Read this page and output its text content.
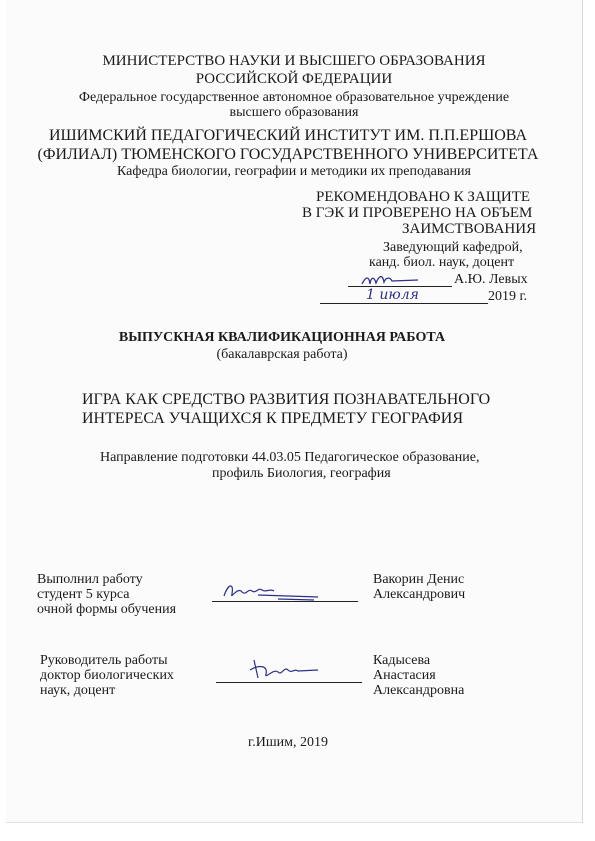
МИНИСТЕРСТВО НАУКИ И ВЫСШЕГО ОБРАЗОВАНИЯ
РОССИЙСКОЙ ФЕДЕРАЦИИ
Федеральное государственное автономное образовательное учреждение
высшего образования
ИШИМСКИЙ ПЕДАГОГИЧЕСКИЙ ИНСТИТУТ ИМ. П.П.ЕРШОВА
(ФИЛИАЛ) ТЮМЕНСКОГО ГОСУДАРСТВЕННОГО УНИВЕРСИТЕТА
Кафедра биологии, географии и методики их преподавания
РЕКОМЕНДОВАНО К ЗАЩИТЕ
В ГЭК И ПРОВЕРЕНО НА ОБЪЕМ
ЗАИМСТВОВАНИЯ
Заведующий кафедрой,
канд. биол. наук, доцент
А.Ю. Левых
1 июля	2019 г.
ВЫПУСКНАЯ КВАЛИФИКАЦИОННАЯ РАБОТА
(бакалаврская работа)
ИГРА КАК СРЕДСТВО РАЗВИТИЯ ПОЗНАВАТЕЛЬНОГО
ИНТЕРЕСА УЧАЩИХСЯ К ПРЕДМЕТУ ГЕОГРАФИЯ
Направление подготовки 44.03.05 Педагогическое образование,
профиль Биология, география
Выполнил работу
студент 5 курса
очной формы обучения
Вакорин Денис
Александрович
Руководитель работы
доктор биологических
наук, доцент
Кадысева
Анастасия
Александровна
г.Ишим, 2019
